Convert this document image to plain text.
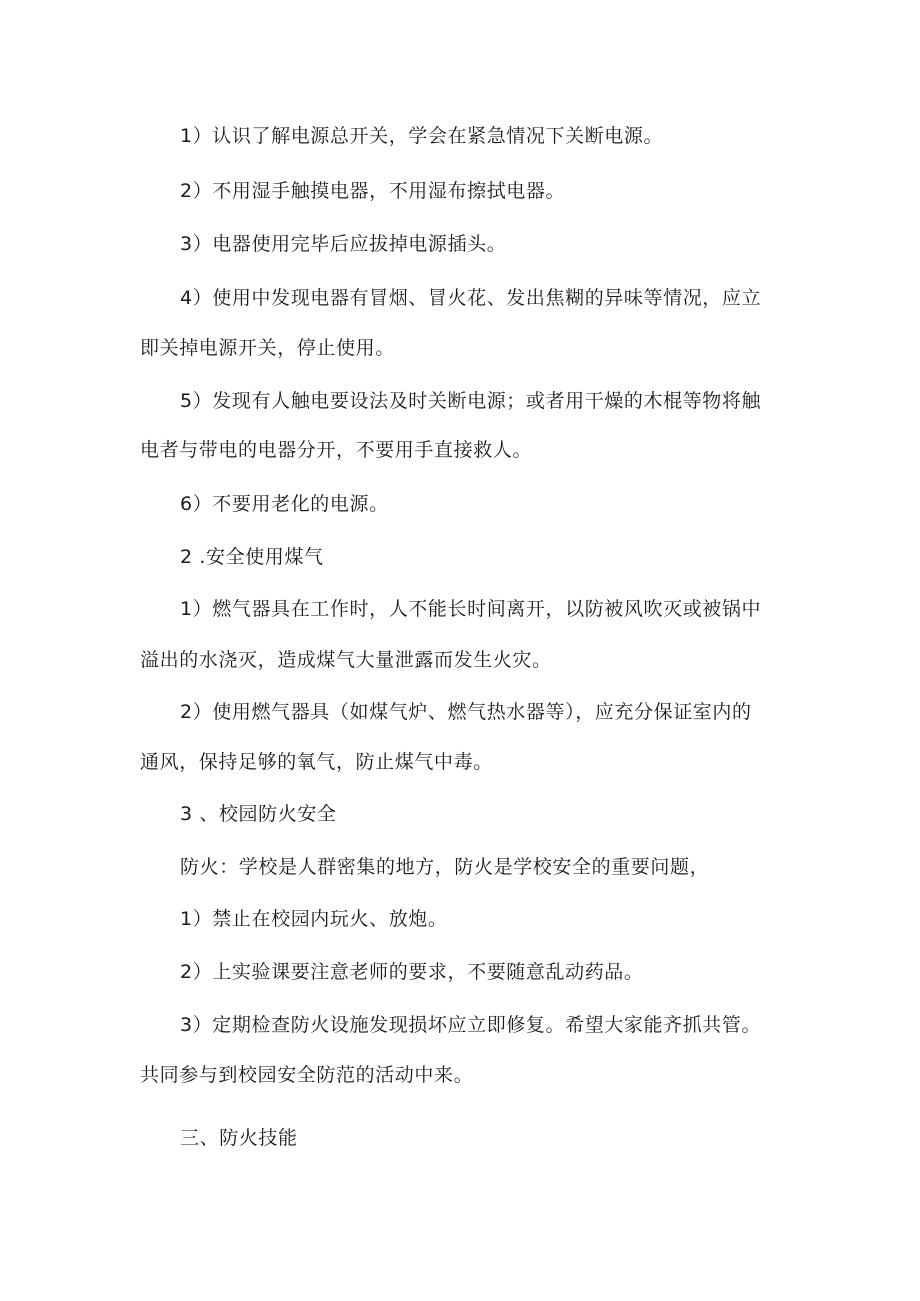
1）认识了解电源总开关，学会在紧急情况下关断电源。
2）不用湿手触摸电器，不用湿布擦拭电器。
3）电器使用完毕后应拔掉电源插头。
4）使用中发现电器有冒烟、冒火花、发出焦糊的异味等情况，应立
即关掉电源开关，停止使用。
5）发现有人触电要设法及时关断电源；或者用干燥的木棍等物将触
电者与带电的电器分开，不要用手直接救人。
6）不要用老化的电源。
2 .安全使用煤气
1）燃气器具在工作时，人不能长时间离开，以防被风吹灭或被锅中
溢出的水浇灭，造成煤气大量泄露而发生火灾。
2）使用燃气器具（如煤气炉、燃气热水器等），应充分保证室内的
通风，保持足够的氧气，防止煤气中毒。
3 、校园防火安全
防火：学校是人群密集的地方，防火是学校安全的重要问题，
1）禁止在校园内玩火、放炮。
2）上实验课要注意老师的要求，不要随意乱动药品。
3）定期检查防火设施发现损坏应立即修复。希望大家能齐抓共管。
共同参与到校园安全防范的活动中来。
三、防火技能
